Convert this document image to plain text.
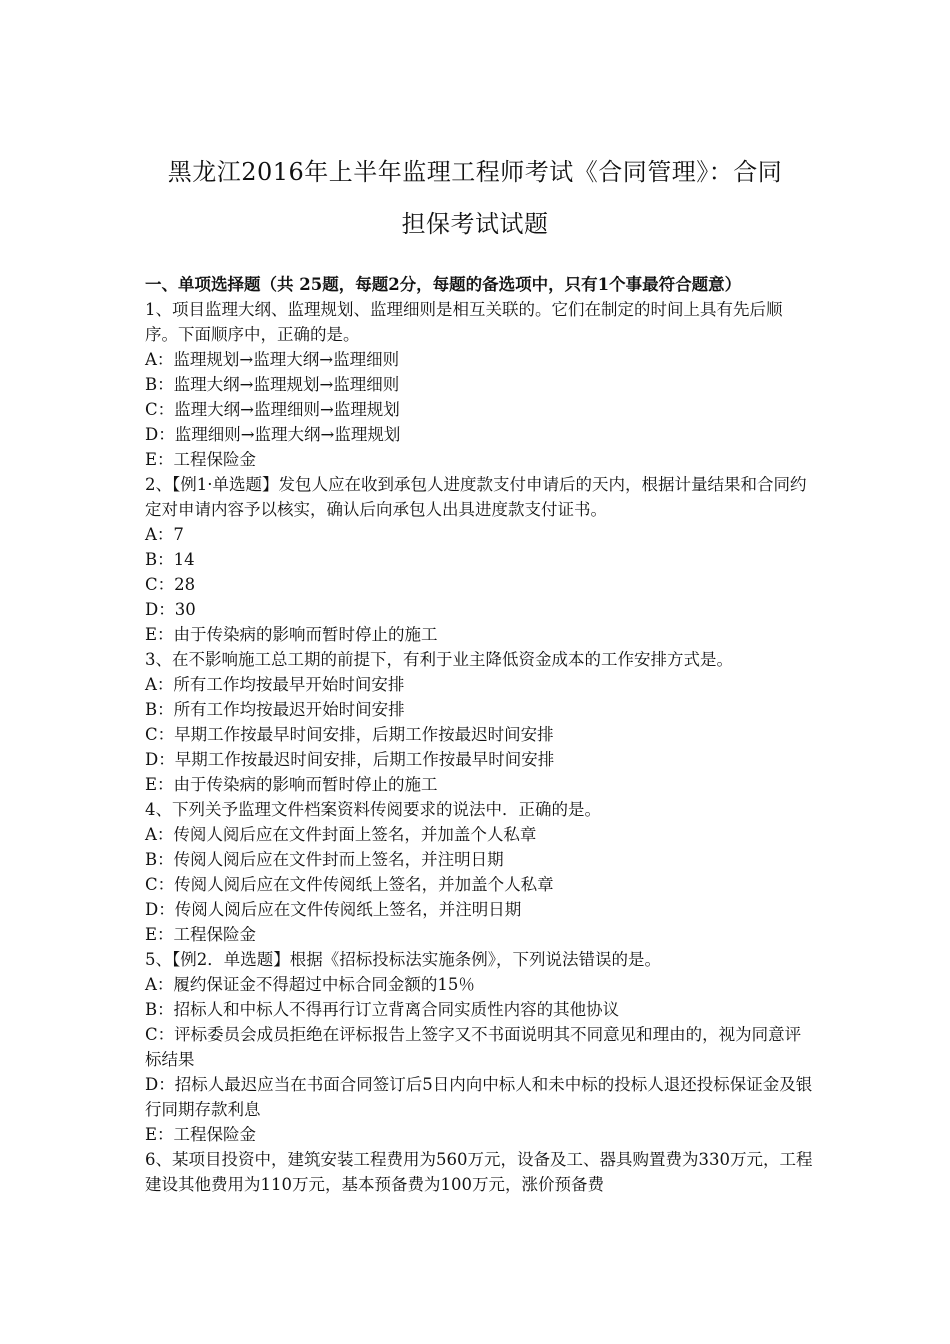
黑龙江2016年上半年监理工程师考试《合同管理》：合同
担保考试试题

一、单项选择题（共 25题，每题2分，每题的备选项中，只有1个事最符合题意）

1、项目监理大纲、监理规划、监理细则是相互关联的。它们在制定的时间上具有先后顺序。下面顺序中，正确的是。

A：监理规划→监理大纲→监理细则

B：监理大纲→监理规划→监理细则

C：监理大纲→监理细则→监理规划

D：监理细则→监理大纲→监理规划

E：工程保险金

2、【例1·单选题】发包人应在收到承包人进度款支付申请后的天内，根据计量结果和合同约定对申请内容予以核实，确认后向承包人出具进度款支付证书。

A：7

B：14

C：28

D：30

E：由于传染病的影响而暂时停止的施工

3、在不影响施工总工期的前提下，有利于业主降低资金成本的工作安排方式是。

A：所有工作均按最早开始时间安排

B：所有工作均按最迟开始时间安排

C：早期工作按最早时间安排，后期工作按最迟时间安排

D：早期工作按最迟时间安排，后期工作按最早时间安排

E：由于传染病的影响而暂时停止的施工

4、下列关予监理文件档案资料传阅要求的说法中．正确的是。

A：传阅人阅后应在文件封面上签名，并加盖个人私章

B：传阅人阅后应在文件封而上签名，并注明日期

C：传阅人阅后应在文件传阅纸上签名，并加盖个人私章

D：传阅人阅后应在文件传阅纸上签名，并注明日期

E：工程保险金

5、【例2．单选题】根据《招标投标法实施条例》，下列说法错误的是。

A：履约保证金不得超过中标合同金额的15％

B：招标人和中标人不得再行订立背离合同实质性内容的其他协议

C：评标委员会成员拒绝在评标报告上签字又不书面说明其不同意见和理由的，视为同意评标结果

D：招标人最迟应当在书面合同签订后5日内向中标人和未中标的投标人退还投标保证金及银行同期存款利息

E：工程保险金

6、某项目投资中，建筑安装工程费用为560万元，设备及工、器具购置费为330万元，工程建设其他费用为110万元，基本预备费为100万元，涨价预备费
